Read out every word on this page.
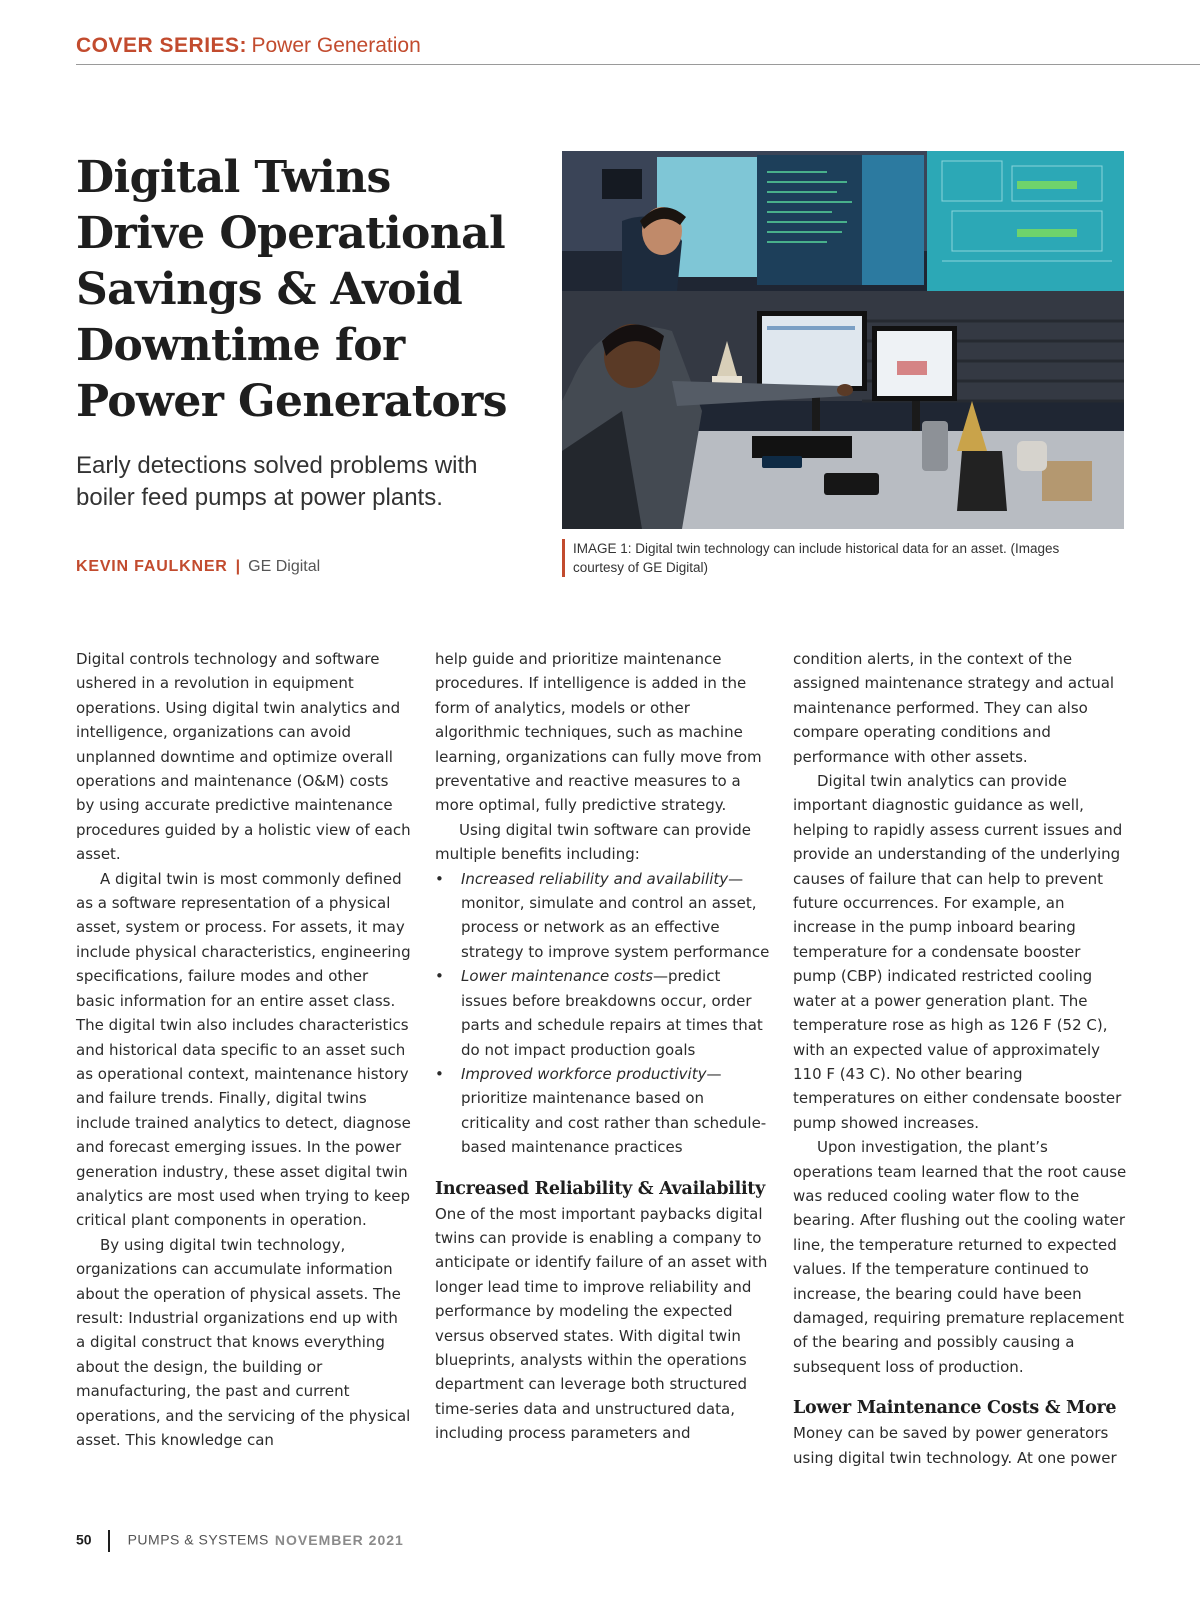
COVER SERIES: Power Generation
Digital Twins Drive Operational Savings & Avoid Downtime for Power Generators

Early detections solved problems with boiler feed pumps at power plants.

KEVIN FAULKNER | GE Digital
IMAGE 1: Digital twin technology can include historical data for an asset. (Images courtesy of GE Digital)

Digital controls technology and software ushered in a revolution in equipment operations. Using digital twin analytics and intelligence, organizations can avoid unplanned downtime and optimize overall operations and maintenance (O&M) costs by using accurate predictive maintenance procedures guided by a holistic view of each asset.

A digital twin is most commonly defined as a software representation of a physical asset, system or process. For assets, it may include physical characteristics, engineering specifications, failure modes and other basic information for an entire asset class. The digital twin also includes characteristics and historical data specific to an asset such as operational context, maintenance history and failure trends. Finally, digital twins include trained analytics to detect, diagnose and forecast emerging issues. In the power generation industry, these asset digital twin analytics are most used when trying to keep critical plant components in operation.

By using digital twin technology, organizations can accumulate information about the operation of physical assets. The result: Industrial organizations end up with a digital construct that knows everything about the design, the building or manufacturing, the past and current operations, and the servicing of the physical asset. This knowledge can

help guide and prioritize maintenance procedures. If intelligence is added in the form of analytics, models or other algorithmic techniques, such as machine learning, organizations can fully move from preventative and reactive measures to a more optimal, fully predictive strategy.

Using digital twin software can provide multiple benefits including:

• Increased reliability and availability—monitor, simulate and control an asset, process or network as an effective strategy to improve system performance
• Lower maintenance costs—predict issues before breakdowns occur, order parts and schedule repairs at times that do not impact production goals
• Improved workforce productivity—prioritize maintenance based on criticality and cost rather than schedule-based maintenance practices
Increased Reliability & Availability

One of the most important paybacks digital twins can provide is enabling a company to anticipate or identify failure of an asset with longer lead time to improve reliability and performance by modeling the expected versus observed states. With digital twin blueprints, analysts within the operations department can leverage both structured time-series data and unstructured data, including process parameters and

condition alerts, in the context of the assigned maintenance strategy and actual maintenance performed. They can also compare operating conditions and performance with other assets.

Digital twin analytics can provide important diagnostic guidance as well, helping to rapidly assess current issues and provide an understanding of the underlying causes of failure that can help to prevent future occurrences. For example, an increase in the pump inboard bearing temperature for a condensate booster pump (CBP) indicated restricted cooling water at a power generation plant. The temperature rose as high as 126 F (52 C), with an expected value of approximately 110 F (43 C). No other bearing temperatures on either condensate booster pump showed increases.

Upon investigation, the plant’s operations team learned that the root cause was reduced cooling water flow to the bearing. After flushing out the cooling water line, the temperature returned to expected values. If the temperature continued to increase, the bearing could have been damaged, requiring premature replacement of the bearing and possibly causing a subsequent loss of production.

Lower Maintenance Costs & More

Money can be saved by power generators using digital twin technology. At one power

50	PUMPS & SYSTEMS NOVEMBER 2021
